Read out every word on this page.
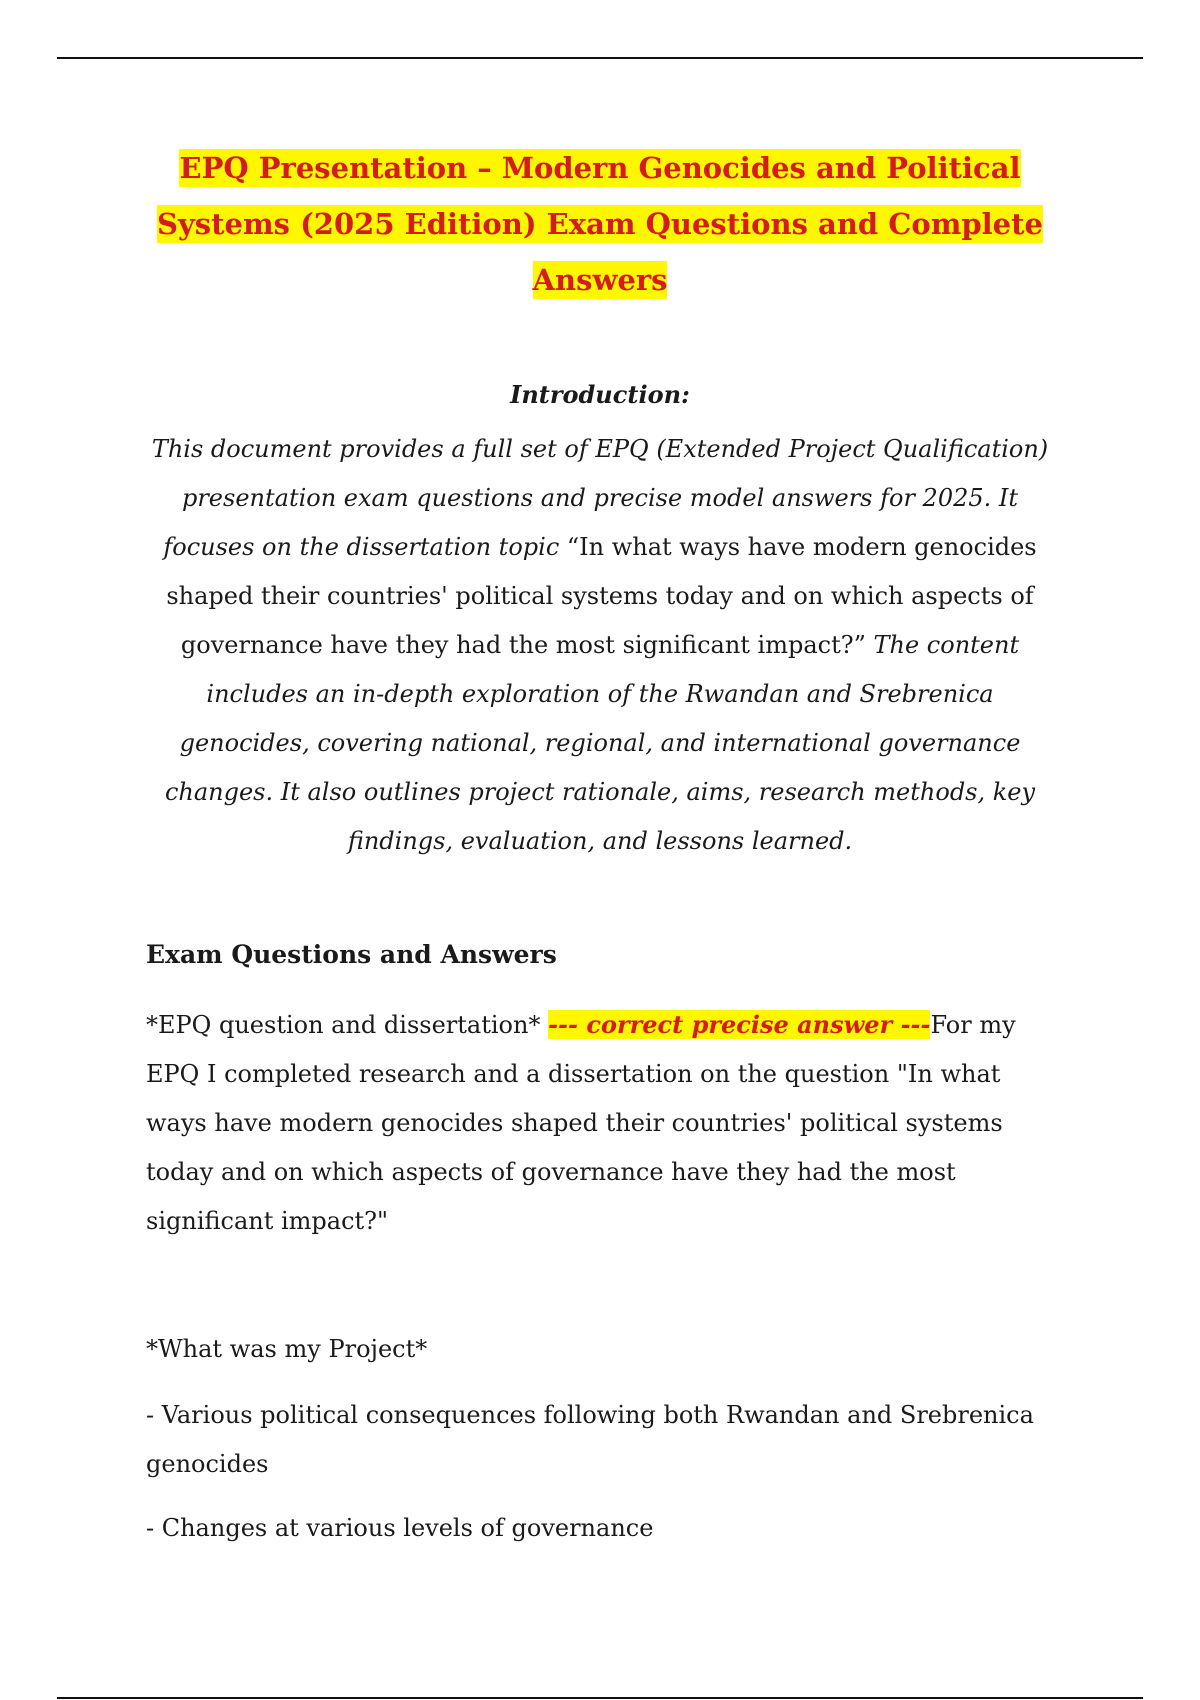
EPQ Presentation – Modern Genocides and Political Systems (2025 Edition) Exam Questions and Complete Answers
Introduction:

This document provides a full set of EPQ (Extended Project Qualification) presentation exam questions and precise model answers for 2025. It focuses on the dissertation topic “In what ways have modern genocides shaped their countries' political systems today and on which aspects of governance have they had the most significant impact?” The content includes an in-depth exploration of the Rwandan and Srebrenica genocides, covering national, regional, and international governance changes. It also outlines project rationale, aims, research methods, key findings, evaluation, and lessons learned.

Exam Questions and Answers

*EPQ question and dissertation* --- correct precise answer ---For my EPQ I completed research and a dissertation on the question "In what ways have modern genocides shaped their countries' political systems today and on which aspects of governance have they had the most significant impact?"

*What was my Project*

- Various political consequences following both Rwandan and Srebrenica genocides

- Changes at various levels of governance
